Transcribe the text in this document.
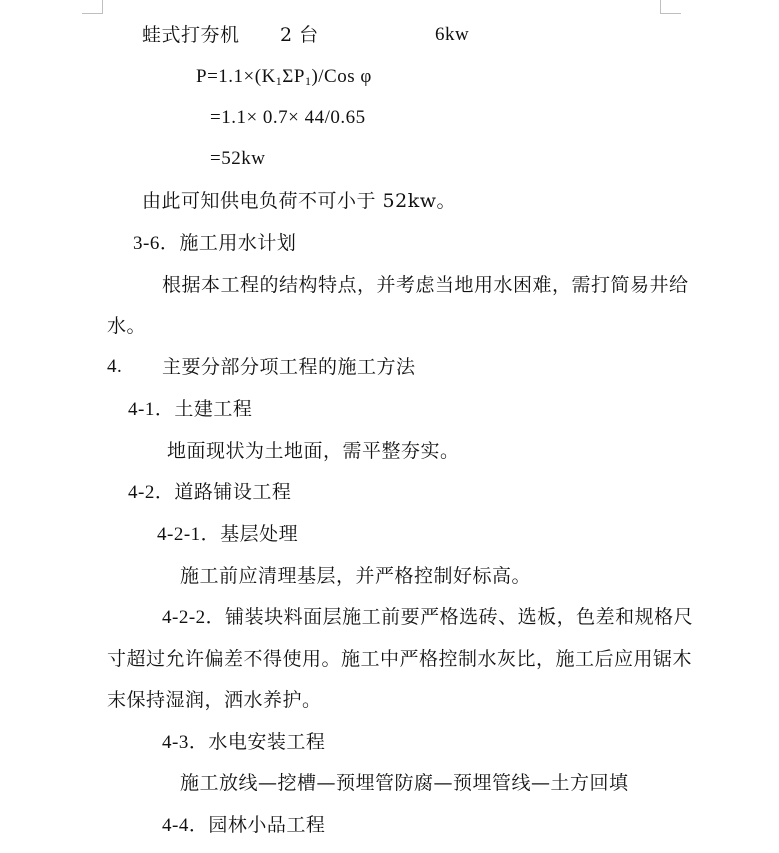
蛙式打夯机 2 台	6kw
$P=1.1\times(K_1\Sigma P_1)$/Cos φ
=1.1× 0.7× 44/0.65
=52kw
由此可知供电负荷不可小于 52kw。
3-6．施工用水计划
根据本工程的结构特点，并考虑当地用水困难，需打简易井给
水。
4. 主要分部分项工程的施工方法
4-1．土建工程
地面现状为土地面，需平整夯实。
4-2．道路铺设工程
4-2-1．基层处理
施工前应清理基层，并严格控制好标高。
4-2-2．铺装块料面层施工前要严格选砖、选板，色差和规格尺
寸超过允许偏差不得使用。施工中严格控制水灰比，施工后应用锯木
末保持湿润，洒水养护。
4-3．水电安装工程
施工放线—挖槽—预埋管防腐—预埋管线—土方回填
4-4．园林小品工程
